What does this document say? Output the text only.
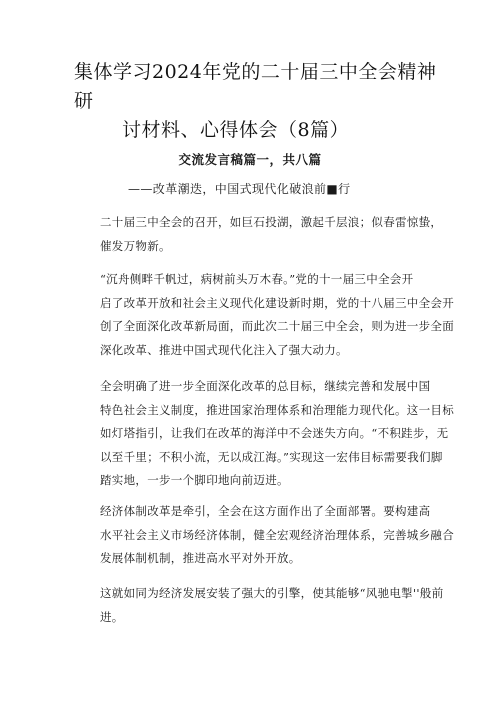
集体学习2024年党的二十届三中全会精神研
讨材料、心得体会（8篇）
交流发言稿篇一，共八篇
——改革潮迭，中国式现代化破浪前■行
二十届三中全会的召开，如巨石投湖，激起千层浪；似春雷惊蛰，
催发万物新。
“沉舟侧畔千帆过，病树前头万木春。”党的十一届三中全会开
启了改革开放和社会主义现代化建设新时期，党的十八届三中全会开
创了全面深化改革新局面，而此次二十届三中全会，则为进一步全面
深化改革、推进中国式现代化注入了强大动力。
全会明确了进一步全面深化改革的总目标，继续完善和发展中国
特色社会主义制度，推进国家治理体系和治理能力现代化。这一目标
如灯塔指引，让我们在改革的海洋中不会迷失方向。“不积跬步，无
以至千里；不积小流，无以成江海。”实现这一宏伟目标需要我们脚
踏实地，一步一个脚印地向前迈进。
经济体制改革是牵引，全会在这方面作出了全面部署。要构建高
水平社会主义市场经济体制，健全宏观经济治理体系，完善城乡融合
发展体制机制，推进高水平对外开放。
这就如同为经济发展安装了强大的引擎，使其能够“风驰电掣''般前
进。
